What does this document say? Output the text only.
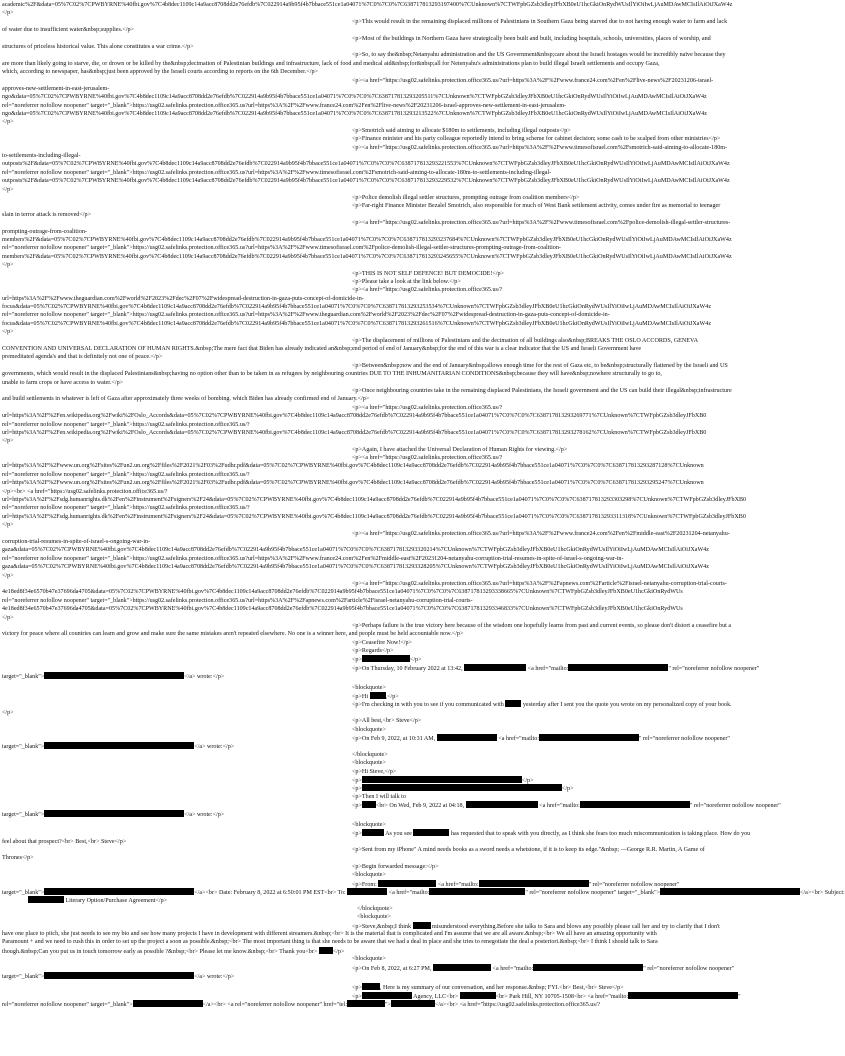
academic%2F&data=05%7C02%7CPWBYRNE%40fbi.gov%7C4b8dec1109c14a9acc8708dd2e76efdb%7C022914a9b95f4b7bbace551ce1a04071%7C0%7C0%7C638717813293197400%7CUnknown%7CTWFpbGZsb3dleyJFbXB0eU1hcGkiOnRydWUsIlYiOiIwLjAuMDAwMCIsIlAiOiJXaW4z
</p>
<p>This would result in the remaining displaced millions of Palestinians in Southern Gaza being starved due to not having enough water to farm and lack
of water due to insufficient water&nbsp;supplies.</p>
<p>Most of the buildings in Northern Gaza have strategically been built and built, including hospitals, schools, universities, places of worship, and
structures of priceless historical value. This alone constitutes a war crime.</p>
<p>So, to say the&nbsp;Netanyahu administration and the US Government&nbsp;care about the Israeli hostages would be incredibly naïve because they
are more than likely going to starve, die, or drown or be killed by the&nbsp;decimation of Palestinian buildings and infrastructure, lack of food and medical aid&nbsp;for&nbsp;all for Netenyahu's administrations plan to build illegal Israeli settlements and occupy Gaza,
which, according to newspaper, has&nbsp;just been approved by the Israeli courts according to reports on the 6th December.</p>
<p><a href="https://usg02.safelinks.protection.office365.us/?url=https%3A%2F%2Fwww.france24.com%2Fen%2Flive-news%2F20231206-israel-
approves-new-settlement-in-east-jerusalem-
ngo&data=05%7C02%7CPWBYRNE%40fbi.gov%7C4b8dec1109c14a9acc8708dd2e76efdb%7C022914a9b95f4b7bbace551ce1a04071%7C0%7C0%7C638717813293205511%7CUnknown%7CTWFpbGZsb3dleyJFbXB0eU1hcGkiOnRydWUsIlYiOiIwLjAuMDAwMCIsIlAiOiJXaW4z
rel="noreferrer nofollow noopener" target="_blank">https://usg02.safelinks.protection.office365.us?url=https%3A%2F%2Fwww.france24.com%2Fen%2Flive-news%2F20231206-israel-approves-new-settlement-in-east-jerusalem-
ngo&data=05%7C02%7CPWBYRNE%40fbi.gov%7C4b8dec1109c14a9acc8708dd2e76efdb%7C022914a9b95f4b7bbace551ce1a04071%7C0%7C0%7C638717813293213522%7CUnknown%7CTWFpbGZsb3dleyJFbXB0eU1hcGkiOnRydWUsIlYiOiIwLjAuMDAwMCIsIlAiOiJXaW4z
</p>
<p>Smotrich said aiming to allocate $180m to settlements, including illegal outposts</p>
<p>Finance minister and his party colleague reportedly intend to bring scheme for cabinet decision; some cash to be scalped from other ministries</p>
<p><a href="https://usg02.safelinks.protection.office365.us/?url=https%3A%2F%2Fwww.timesofisrael.com%2Fsmotrich-said-aiming-to-allocate-180m-
to-settlements-including-illegal-
outposts%2F&data=05%7C02%7CPWBYRNE%40fbi.gov%7C4b8dec1109c14a9acc8708dd2e76efdb%7C022914a9b95f4b7bbace551ce1a04071%7C0%7C0%7C638717813293221553%7CUnknown%7CTWFpbGZsb3dleyJFbXB0eU1hcGkiOnRydWUsIlYiOiIwLjAuMDAwMCIsIlAiOiJXaW4z
rel="noreferrer nofollow noopener" target="_blank">https://usg02.safelinks.protection.office365.us?url=https%3A%2F%2Fwww.timesofisrael.com%2Fsmotrich-said-aiming-to-allocate-180m-to-settlements-including-illegal-
outposts%2F&data=05%7C02%7CPWBYRNE%40fbi.gov%7C4b8dec1109c14a9acc8708dd2e76efdb%7C022914a9b95f4b7bbace551ce1a04071%7C0%7C0%7C638717813293229532%7CUnknown%7CTWFpbGZsb3dleyJFbXB0eU1hcGkiOnRydWUsIlYiOiIwLjAuMDAwMCIsIlAiOiJXaW4z
</p>
<p>Police demolish illegal settler structures, prompting outrage from coalition members</p>
<p>Far-right Finance Minister Bezalel Smotrich, also responsible for much of West Bank settlement activity, comes under fire as memorial to teenager
slain in terror attack is removed</p>
<p><a href="https://usg02.safelinks.protection.office365.us/?url=https%3A%2F%2Fwww.timesofisrael.com%2Fpolice-demolish-illegal-settler-structures-
prompting-outrage-from-coalition-
members%2F&data=05%7C02%7CPWBYRNE%40fbi.gov%7C4b8dec1109c14a9acc8708dd2e76efdb%7C022914a9b95f4b7bbace551ce1a04071%7C0%7C0%7C638717813293237684%7CUnknown%7CTWFpbGZsb3dleyJFbXB0eU1hcGkiOnRydWUsIlYiOiIwLjAuMDAwMCIsIlAiOiJXaW4z
rel="noreferrer nofollow noopener" target="_blank">https://usg02.safelinks.protection.office365.us?url=https%3A%2F%2Fwww.timesofisrael.com%2Fpolice-demolish-illegal-settler-structures-prompting-outrage-from-coalition-
members%2F&data=05%7C02%7CPWBYRNE%40fbi.gov%7C4b8dec1109c14a9acc8708dd2e76efdb%7C022914a9b95f4b7bbace551ce1a04071%7C0%7C0%7C638717813293245655%7CUnknown%7CTWFpbGZsb3dleyJFbXB0eU1hcGkiOnRydWUsIlYiOiIwLjAuMDAwMCIsIlAiOiJXaW4z
</p>
<p>THIS IS NOT SELF DEFENCE! BUT DEMOCIDE!</p>
<p>Please take a look at the link below.</p>
<p><a href="https://usg02.safelinks.protection.office365.us/?
url=https%3A%2F%2Fwww.theguardian.com%2Fworld%2F2023%2Fdec%2F07%2Fwidespread-destruction-in-gaza-puts-concept-of-domicide-in-
focus&data=05%7C02%7CPWBYRNE%40fbi.gov%7C4b8dec1109c14a9acc8708dd2e76efdb%7C022914a9b95f4b7bbace551ce1a04071%7C0%7C0%7C638717813293253534%7CUnknown%7CTWFpbGZsb3dleyJFbXB0eU1hcGkiOnRydWUsIlYiOiIwLjAuMDAwMCIsIlAiOiJXaW4z
rel="noreferrer nofollow noopener" target="_blank">https://usg02.safelinks.protection.office365.us?url=https%3A%2F%2Fwww.theguardian.com%2Fworld%2F2023%2Fdec%2F07%2Fwidespread-destruction-in-gaza-puts-concept-of-domicide-in-
focus&data=05%7C02%7CPWBYRNE%40fbi.gov%7C4b8dec1109c14a9acc8708dd2e76efdb%7C022914a9b95f4b7bbace551ce1a04071%7C0%7C0%7C638717813293261516%7CUnknown%7CTWFpbGZsb3dleyJFbXB0eU1hcGkiOnRydWUsIlYiOiIwLjAuMDAwMCIsIlAiOiJXaW4z
</p>
<p>The displacement of millions of Palestinians and the decimation of all buildings also&nbsp;BREAKS THE OSLO ACCORDS, GENEVA
CONVENTION AND UNIVERSAL DECLARATION OF HUMAN RIGHTS.&nbsp;The mere fact that Biden has already indicated an&nbsp;end period of end of January&nbsp;for the end of this war is a clear indicator that the US and Israeli Government have
premeditated agenda's and that is definitely not one of peace.</p>
<p>Between&nbsp;now and the end of January&nbsp;allows enough time for the rest of Gaza etc, to be&nbsp;structurally flattened by the Israeli and US
governments, which would result in the displaced Palestinians&nbsp;having no option other than to be taken in as refugees by neighbouring countries DUE TO THE INHUMANITARIAN CONDITIONS&nbsp;because they will have&nbsp;nowhere structurally to go to,
unable to farm crops or have access to water.</p>
<p>Once neighbouring countries take in the remaining displaced Palestinians, the Israeli government and the US can build their illegal&nbsp;infrastructure
and build settlements in whatever is left of Gaza after approximately three weeks of bombing. which Biden has already confirmed end of January.</p>
<p><a href="https://usg02.safelinks.protection.office365.us/?
url=https%3A%2F%2Fen.wikipedia.org%2Fwiki%2FOslo_Accords&data=05%7C02%7CPWBYRNE%40fbi.gov%7C4b8dec1109c14a9acc8708dd2e76efdb%7C022914a9b95f4b7bbace551ce1a04071%7C0%7C0%7C638717813293269771%7CUnknown%7CTWFpbGZsb3dleyJFbXB0
rel="noreferrer nofollow noopener" target="_blank">https://usg02.safelinks.protection.office365.us/?
url=https%3A%2F%2Fen.wikipedia.org%2Fwiki%2FOslo_Accords&data=05%7C02%7CPWBYRNE%40fbi.gov%7C4b8dec1109c14a9acc8708dd2e76efdb%7C022914a9b95f4b7bbace551ce1a04071%7C0%7C0%7C638717813293278162%7CUnknown%7CTWFpbGZsb3dleyJFbXB0
</p>
<p>Again, I have attached the Universal Declaration of Human Rights for viewing.</p>
<p><a href="https://usg02.safelinks.protection.office365.us/?
url=https%3A%2F%2Fwww.un.org%2Fsites%2Fun2.un.org%2Ffiles%2F2021%2F03%2Fudhr.pdf&data=05%7C02%7CPWBYRNE%40fbi.gov%7C4b8dec1109c14a9acc8708dd2e76efdb%7C022914a9b95f4b7bbace551ce1a04071%7C0%7C0%7C638717813293287128%7CUnknown
rel="noreferrer nofollow noopener" target="_blank">https://usg02.safelinks.protection.office365.us/?
url=https%3A%2F%2Fwww.un.org%2Fsites%2Fun2.un.org%2Ffiles%2F2021%2F03%2Fudhr.pdf&data=05%7C02%7CPWBYRNE%40fbi.gov%7C4b8dec1109c14a9acc8708dd2e76efdb%7C022914a9b95f4b7bbace551ce1a04071%7C0%7C0%7C638717813293295247%7CUnknown
</p><br> <a href="https://usg02.safelinks.protection.office365.us/?
url=https%3A%2F%2Fsdg.humanrights.dk%2Fen%2Finstrument%2Fsigners%2F24&data=05%7C02%7CPWBYRNE%40fbi.gov%7C4b8dec1109c14a9acc8708dd2e76efdb%7C022914a9b95f4b7bbace551ce1a04071%7C0%7C0%7C638717813293303298%7CUnknown%7CTWFpbGZsb3dleyJFbXB0
rel="noreferrer nofollow noopener" target="_blank">https://usg02.safelinks.protection.office365.us/?
url=https%3A%2F%2Fsdg.humanrights.dk%2Fen%2Finstrument%2Fsigners%2F24&data=05%7C02%7CPWBYRNE%40fbi.gov%7C4b8dec1109c14a9acc8708dd2e76efdb%7C022914a9b95f4b7bbace551ce1a04071%7C0%7C0%7C638717813293311318%7CUnknown%7CTWFpbGZsb3dleyJFbXB0
</p>
<p><a href="https://usg02.safelinks.protection.office365.us/?url=https%3A%2F%2Fwww.france24.com%2Fen%2Fmiddle-east%2F20231204-netanyahu-
corruption-trial-resumes-in-spite-of-israel-s-ongoing-war-in-
gaza&data=05%7C02%7CPWBYRNE%40fbi.gov%7C4b8dec1109c14a9acc8708dd2e76efdb%7C022914a9b95f4b7bbace551ce1a04071%7C0%7C0%7C638717813293320214%7CUnknown%7CTWFpbGZsb3dleyJFbXB0eU1hcGkiOnRydWUsIlYiOiIwLjAuMDAwMCIsIlAiOiJXaW4z
rel="noreferrer nofollow noopener" target="_blank">https://usg02.safelinks.protection.office365.us?url=https%3A%2F%2Fwww.france24.com%2Fen%2Fmiddle-east%2F20231204-netanyahu-corruption-trial-resumes-in-spite-of-israel-s-ongoing-war-in-
gaza&data=05%7C02%7CPWBYRNE%40fbi.gov%7C4b8dec1109c14a9acc8708dd2e76efdb%7C022914a9b95f4b7bbace551ce1a04071%7C0%7C0%7C638717813293328205%7CUnknown%7CTWFpbGZsb3dleyJFbXB0eU1hcGkiOnRydWUsIlYiOiIwLjAuMDAwMCIsIlAiOiJXaW4z
</p>
<p><a href="https://usg02.safelinks.protection.office365.us/?url=https%3A%2F%2Fapnews.com%2Farticle%2Fisrael-netanyahu-corruption-trial-courts-
4e18ed8f34e6570b47e37696da4705&data=05%7C02%7CPWBYRNE%40fbi.gov%7C4b8dec1109c14a9acc8708dd2e76efdb%7C022914a9b95f4b7bbace551ce1a04071%7C0%7C0%7C638717813293338665%7CUnknown%7CTWFpbGZsb3dleyJFbXB0eU1hcGkiOnRydWUs
rel="noreferrer nofollow noopener" target="_blank">https://usg02.safelinks.protection.office365.us?url=https%3A%2F%2Fapnews.com%2Farticle%2Fisrael-netanyahu-corruption-trial-courts-
4e18ed8f34e6570b47e37696da4705&data=05%7C02%7CPWBYRNE%40fbi.gov%7C4b8dec1109c14a9acc8708dd2e76efdb%7C022914a9b95f4b7bbace551ce1a04071%7C0%7C0%7C638717813293346833%7CUnknown%7CTWFpbGZsb3dleyJFbXB0eU1hcGkiOnRydWUs
</p>
<p>Perhaps failure is the true victory here because of the wisdom one hopefully learns from past and current events, so please don't distort a ceasefire but a
victory for peace where all countries can learn and grow and make sure the same mistakes aren't repeated elsewhere. No one is a winner here, and people must be held accountable now.</p>
<p>Ceasefire Now!</p>
<p>Regards</p>
<p>	</p>
<p>On Thursday, 10 February 2022 at 13:42,	<a href="mailto:	" rel="noreferrer nofollow noopener"
target="_blank">	</a> wrote:</p>
<blockquote>
<p>Hi	,</p>
<p>I'm checking in with you to see if you communicated with	yesterday after I sent you the quote you wrote on my personalized copy of your book.
</p>
<p>All best,<br> Steve</p>
<blockquote>
<p>On Feb 9, 2022, at 10:31 AM,	<a href="mailto:	" rel="noreferrer nofollow noopener"
target="_blank">	</a> wrote:</p>
</blockquote>
<blockquote>
<p>Hi Steve,</p>
<p>	</p>
<p>	</p>
<p>Then I will talk to
<p> <br> On Wed, Feb 9, 2022 at 04:18,	<a href="mailto:	" rel="noreferrer nofollow noopener"
target="_blank">	</a> wrote:</p>
<blockquote>
<p>	As you see	has requested that to speak with you directly, as I think she fears too much miscommunication is taking place. How do you
feel about that prospect?<br> Best,<br> Steve</p>
<p>Sent from my iPhone" A mind needs books as a sword needs a whetstone, if it is to keep its edge."&nbsp; ―George R.R. Martin, A Game of
Thrones</p>
<p>Begin forwarded message:</p>
<blockquote>
<p>From:	<a href="mailto:	" rel="noreferrer nofollow noopener"
target="_blank">	</a><br> Date: February 8, 2022 at 6:50:01 PM EST<br> To:	<a href="mailto:	" rel="noreferrer nofollow noopener" target="_blank">	</a><br> Subject:
Literary Option/Purchase Agreement</p>
</blockquote>
<blockquote>
<p>Steve,&nbsp;I think	misunderstood everything.Before she talks to Sara and blows any possibly please call her and try to clarify that I don't
have one place to pitch, she just needs to see my bio and see how many projects I have in development with different streamers.&nbsp;<br> It is the material that is complicated and I'm assume that we are all aware.&nbsp;<br> We all have an amazing opportunity with
Paramount + and we need to rush this in order to set up the project a soon as possible.&nbsp;<br> The most important thing is that she needs to be aware that we had a deal in place and she tries to renegotiate the deal a posteriori.&nbsp;<br> I think I should talk to Sara
though.&nbsp;Can you put us in touch tomorrow early as possible ?&nbsp;<br> Please let me know.&nbsp;<br> Thank you<br> </p>
<blockquote>
<p>On Feb 8, 2022, at 6:27 PM,	<a href="mailto:	" rel="noreferrer nofollow noopener"
target="_blank">	</a> wrote:</p>
<p>	, Here is my summary of our conversation, and her response.&nbsp; FYI.<br> Best,<br> Steve</p>
<p>	Agency, LLC<br>	<br> Park Hill, NY 10705-1508<br> <a href="mailto:	"
rel="noreferrer nofollow noopener" target="_blank">	</a><br> <a rel="noreferrer nofollow noopener" href="tel:	">	</a><br> <a href="https://usg02.safelinks.protection.office365.us/?
